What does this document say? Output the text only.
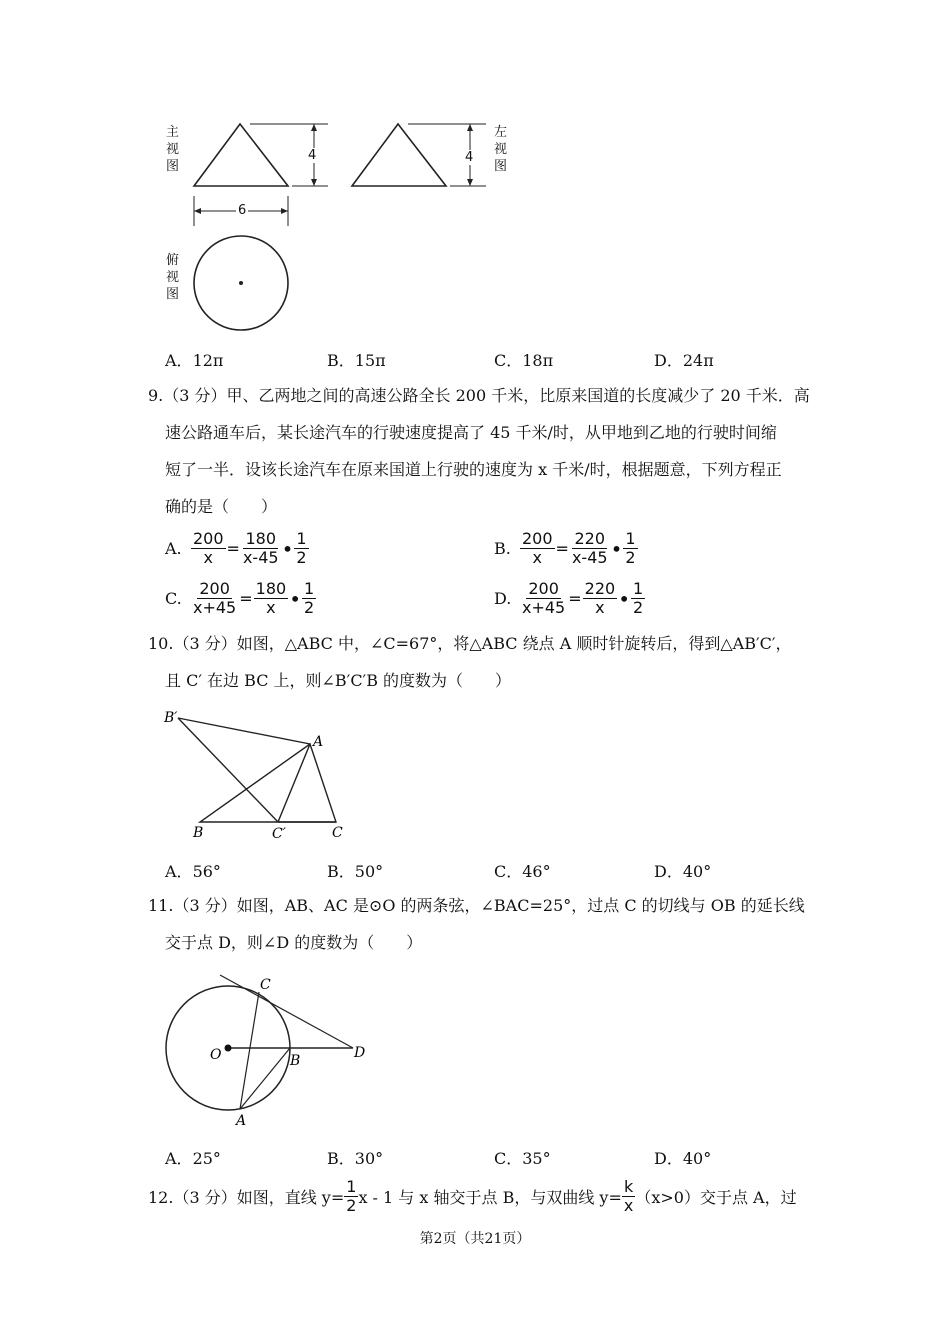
主
视
图
左
视
图
俯
视
图
4	4
6
A．12π	B．15π	C．18π	D．24π
9.（3 分）甲、乙两地之间的高速公路全长 200 千米，比原来国道的长度减少了 20 千米．高
速公路通车后，某长途汽车的行驶速度提高了 45 千米/时，从甲地到乙地的行驶时间缩
短了一半．设该长途汽车在原来国道上行驶的速度为 x 千米/时，根据题意，下列方程正
确的是（　　）
A. $\frac{200}{x} = \frac{180}{x-45}$ • $\frac{1}{2}$	B. $\frac{200}{x} = \frac{220}{x-45}$ • $\frac{1}{2}$
C. $\frac{200}{x+45} = \frac{180}{x}$ • $\frac{1}{2}$	D. $\frac{200}{x+45} = \frac{220}{x}$ • $\frac{1}{2}$
10.（3 分）如图，△ABC 中，∠C=67°，将△ABC 绕点 A 顺时针旋转后，得到△AB′C′，
且 C′ 在边 BC 上，则∠B′C′B 的度数为（　　）
B′
A
B	C′	C
A．56°	B．50°	C．46°	D．40°
11.（3 分）如图，AB、AC 是⊙O 的两条弦，∠BAC=25°，过点 C 的切线与 OB 的延长线
交于点 D，则∠D 的度数为（　　）
C
O	B	D
A
A．25°	B．30°	C．35°	D．40°
12.（3 分）如图，直线 $y= \frac{1}{2}$ x - 1 与 x 轴交于点 B，与双曲线 $y= \frac{k}{x} (x>0)$交于点 A，过
第2页（共21页）
